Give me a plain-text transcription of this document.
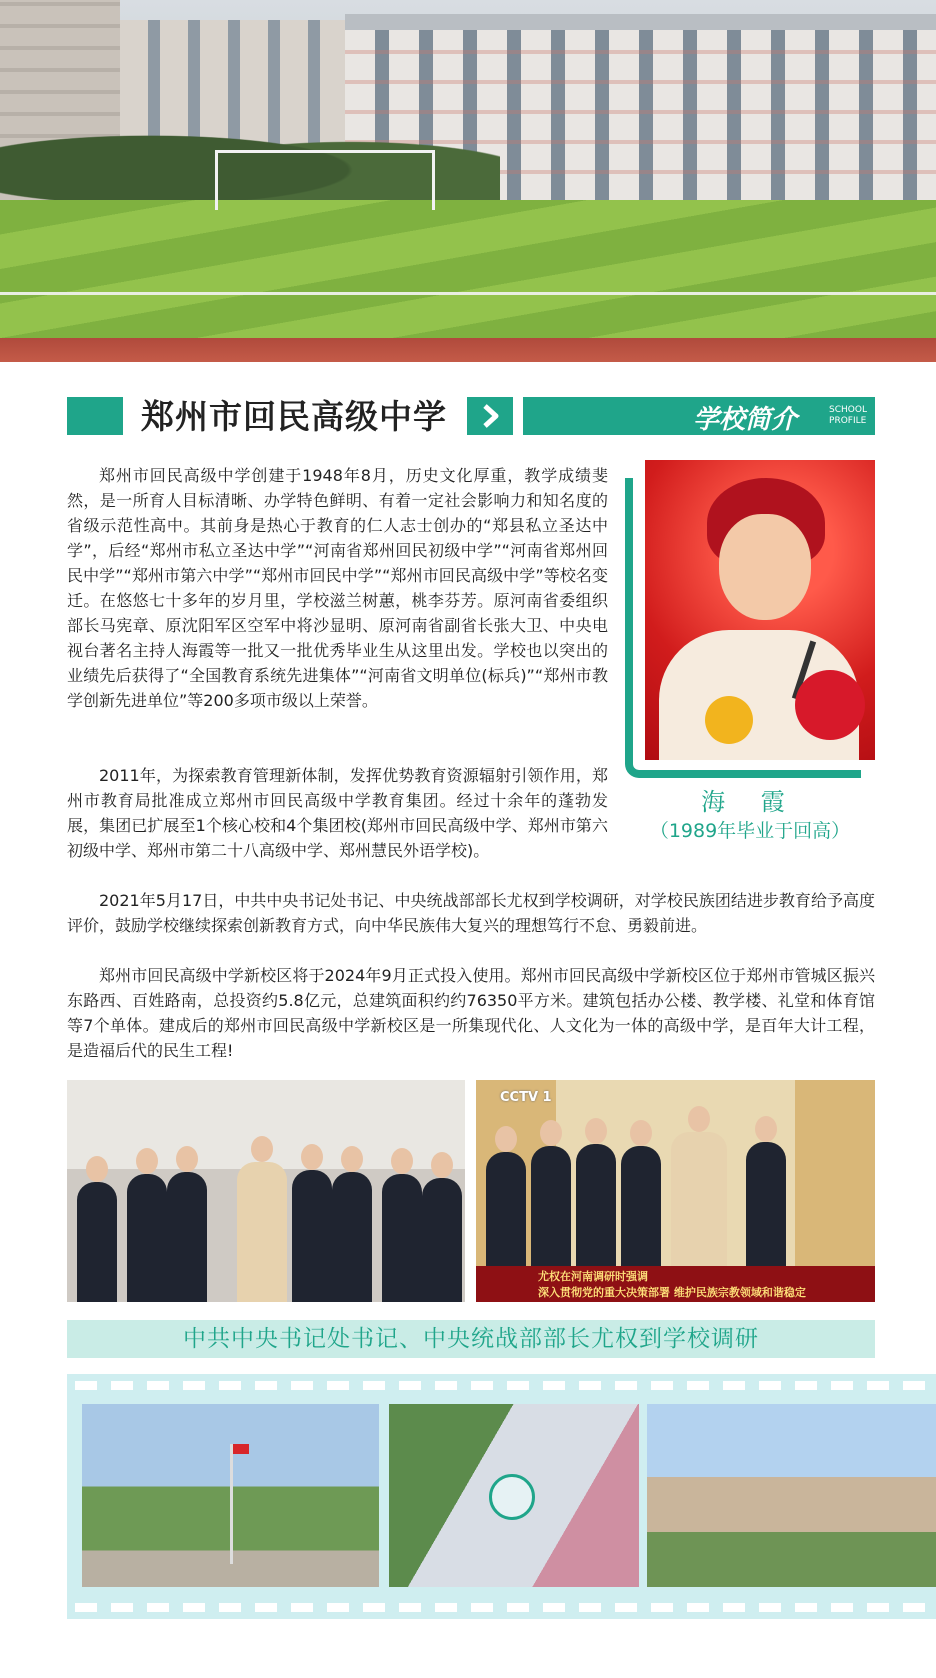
郑州市回民高级中学	学校简介	SCHOOL
PROFILE

郑州市回民高级中学创建于1948年8月，历史文化厚重，教学成绩斐然，是一所育人目标清晰、办学特色鲜明、有着一定社会影响力和知名度的省级示范性高中。其前身是热心于教育的仁人志士创办的“郑县私立圣达中学”，后经“郑州市私立圣达中学”“河南省郑州回民初级中学”“河南省郑州回民中学”“郑州市第六中学”“郑州市回民中学”“郑州市回民高级中学”等校名变迁。在悠悠七十多年的岁月里，学校滋兰树蕙，桃李芬芳。原河南省委组织部长马宪章、原沈阳军区空军中将沙显明、原河南省副省长张大卫、中央电视台著名主持人海霞等一批又一批优秀毕业生从这里出发。学校也以突出的业绩先后获得了“全国教育系统先进集体”“河南省文明单位(标兵)”“郑州市教学创新先进单位”等200多项市级以上荣誉。

2011年，为探索教育管理新体制，发挥优势教育资源辐射引领作用，郑州市教育局批准成立郑州市回民高级中学教育集团。经过十余年的蓬勃发展，集团已扩展至1个核心校和4个集团校(郑州市回民高级中学、郑州市第六初级中学、郑州市第二十八高级中学、郑州慧民外语学校)。

2021年5月17日，中共中央书记处书记、中央统战部部长尤权到学校调研，对学校民族团结进步教育给予高度评价，鼓励学校继续探索创新教育方式，向中华民族伟大复兴的理想笃行不怠、勇毅前进。

郑州市回民高级中学新校区将于2024年9月正式投入使用。郑州市回民高级中学新校区位于郑州市管城区振兴东路西、百姓路南，总投资约5.8亿元，总建筑面积约约76350平方米。建筑包括办公楼、教学楼、礼堂和体育馆等7个单体。建成后的郑州市回民高级中学新校区是一所集现代化、人文化为一体的高级中学，是百年大计工程，是造福后代的民生工程!

海 霞
（1989年毕业于回高）
CCTV 1
尤权在河南调研时强调
深入贯彻党的重大决策部署 维护民族宗教领域和谐稳定
中共中央书记处书记、中央统战部部长尤权到学校调研
